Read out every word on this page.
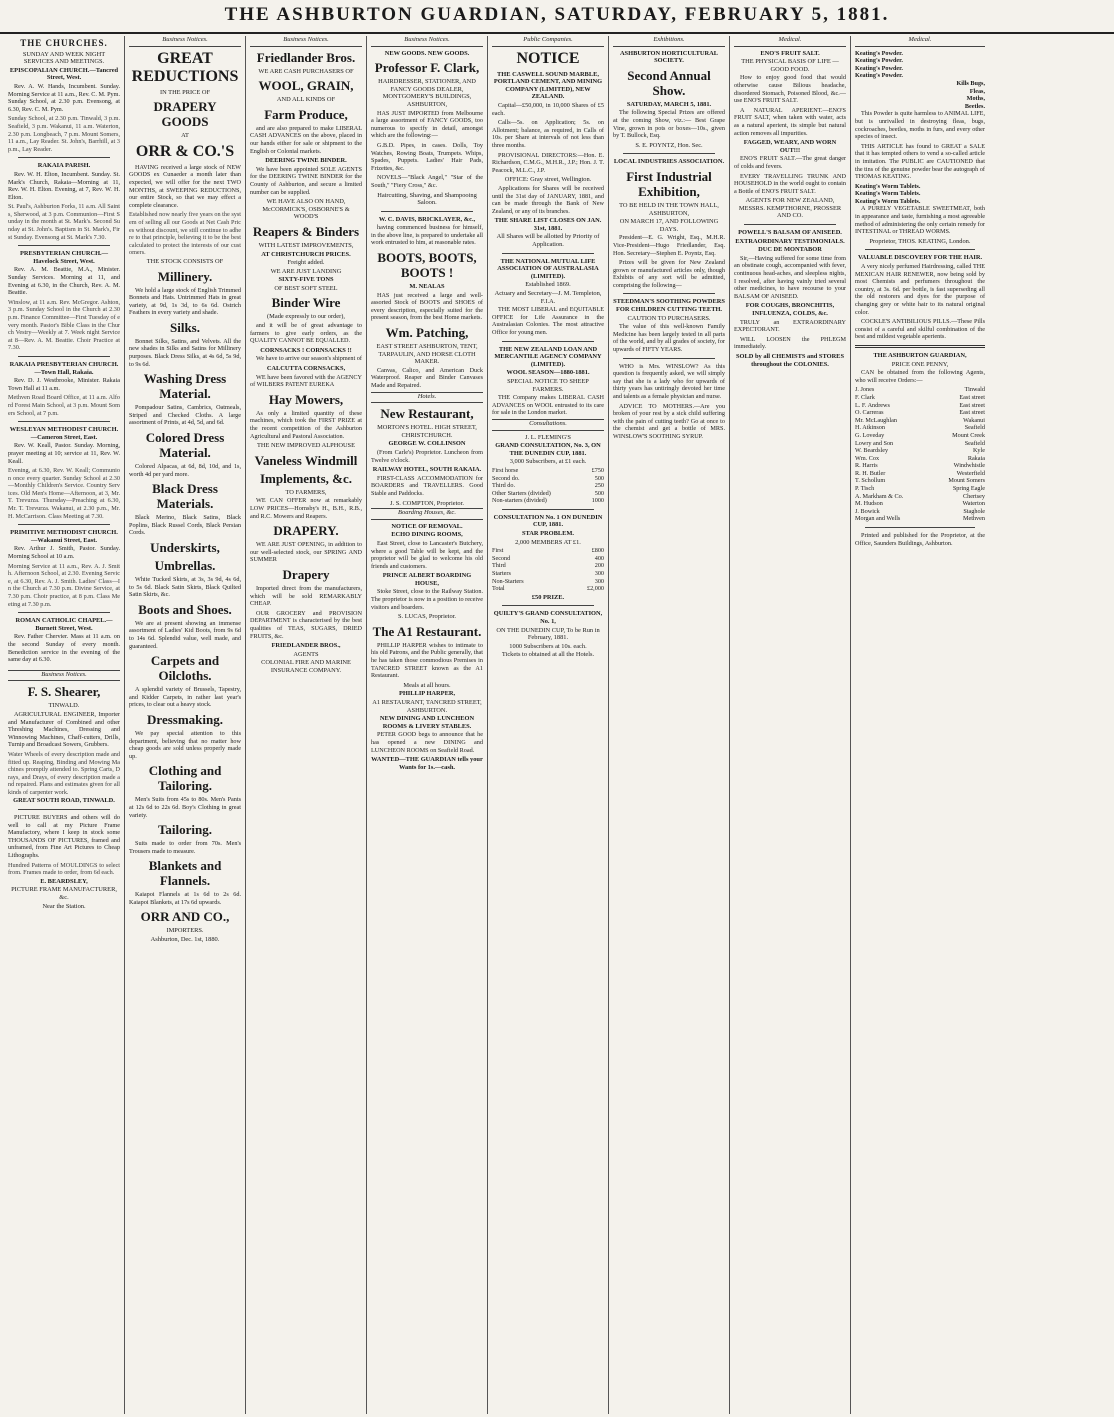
THE ASHBURTON GUARDIAN, SATURDAY, FEBRUARY 5, 1881.
THE CHURCHES.
SUNDAY AND WEEK NIGHT SERVICES AND MEETINGS.
EPISCOPALIAN CHURCH.—Tancred Street, West.

Rev. A. W. Hands, Incumbent. Sunday. Morning Service at 11 a.m., Rev. C. M. Pym. Sunday School, at 2.30 p.m. Evensong, at 6.30, Rev. C. M. Pym.

Sunday School, at 2.30 p.m. Tinwald, 3 p.m. Seafield, 3 p.m. Wakanui, 11 a.m. Waterton, 2.30 p.m. Longbeach, 7 p.m. Mount Somers, 11 a.m., Lay Reader. St. John's, Barrhill, at 3 p.m., Lay Reader.
RAKAIA PARISH.

Rev. W. H. Elton, Incumbent. Sunday. St. Mark's Church, Rakaia—Morning at 11, Rev. W. H. Elton. Evening, at 7, Rev. W. H. Elton.

St. Paul's, Ashburton Forks, 11 a.m. All Saints, Sherwood, at 3 p.m. Communion—First Sunday in the month at St. Mark's. Second Sunday at St. John's. Baptism in St. Mark's, First Sunday. Evensong at St. Mark's 7.30.
PRESBYTERIAN CHURCH.—Havelock Street, West.

Rev. A. M. Beattie, M.A., Minister. Sunday Services. Morning at 11, and Evening at 6.30, in the Church, Rev. A. M. Beattie.

Winslow, at 11 a.m. Rev. McGregor. Ashton, 3 p.m. Sunday School in the Church at 2.30 p.m. Finance Committee—First Tuesday of every month. Pastor's Bible Class in the Church Vestry—Weekly at 7. Week night Service at 8—Rev. A. M. Beattie. Choir Practice at 7.30.
RAKAIA PRESBYTERIAN CHURCH.—Town Hall, Rakaia.

Rev. D. J. Westbrooke, Minister. Rakaia Town Hall at 11 a.m.

Methven Road Board Office, at 11 a.m. Alford Forest Main School, at 3 p.m. Mount Somers School, at 7 p.m.
WESLEYAN METHODIST CHURCH.—Cameron Street, East.

Rev. W. Keall, Pastor. Sunday. Morning, prayer meeting at 10; service at 11, Rev. W. Keall.

Evening, at 6.30, Rev. W. Keall; Communion once every quarter. Sunday School at 2.30—Monthly Children's Service. Country Services. Old Men's Home—Afternoon, at 3, Mr. T. Trevurza. Thursday—Preaching at 6.30, Mr. T. Trevurza. Wakanui, at 2.30 p.m., Mr. H. McCarrison. Class Meeting at 7.30.
PRIMITIVE METHODIST CHURCH.—Wakanui Street, East.

Rev. Arthur J. Smith, Pastor. Sunday. Morning School at 10 a.m.

Morning Service at 11 a.m., Rev. A. J. Smith. Afternoon School, at 2.30. Evening Service, at 6.30, Rev. A. J. Smith. Ladies' Class—In the Church at 7.30 p.m. Divine Service, at 7.30 p.m. Choir practice, at 8 p.m. Class Meeting at 7.30 p.m.
ROMAN CATHOLIC CHAPEL.—Burnett Street, West.

Rev. Father Chervier. Mass at 11 a.m. on the second Sunday of every month. Benediction service in the evening of the same day at 6.30.

Business Notices.
F. S. Shearer,
TINWALD.

AGRICULTURAL ENGINEER, Importer and Manufacturer of Combined and other Threshing Machines, Dressing and Winnowing Machines, Chaff-cutters, Drills, Turnip and Broadcast Sowers, Grubbers.

Water Wheels of every description made and fitted up. Reaping, Binding and Mowing Machines promptly attended to. Spring Carts, Drays, and Drays, of every description made and repaired. Plans and estimates given for all kinds of carpenter work.
GREAT SOUTH ROAD, TINWALD.

PICTURE BUYERS and others will do well to call at my Picture Frame Manufactory, where I keep in stock some THOUSANDS OF PICTURES, framed and unframed, from Fine Art Pictures to Cheap Lithographs.

Hundred Patterns of MOULDINGS to select from. Frames made to order, from 6d each.
E. BEARDSLEY,
PICTURE FRAME MANUFACTURER, &c.
Near the Station.
Business Notices.
GREAT REDUCTIONS
IN THE PRICE OF
DRAPERY GOODS
AT
ORR & CO.'S

HAVING received a large stock of NEW GOODS ex Cunaeder a month later than expected, we will offer for the next TWO MONTHS, at SWEEPING REDUCTIONS, our entire Stock, so that we may effect a complete clearance.

Established now nearly five years on the system of selling all our Goods at Net Cash Prices without discount, we still continue to adhere to that principle, believing it to be the best calculated to protect the interests of our customers.
THE STOCK CONSISTS OF
Millinery.

We hold a large stock of English Trimmed Bonnets and Hats. Untrimmed Hats in great variety, at 9d, 1s 3d, to 6s 6d. Ostrich Feathers in every variety and shade.

Silks.

Bonnet Silks, Satins, and Velvets. All the new shades in Silks and Satins for Millinery purposes. Black Dress Silks, at 4s 6d, 5s 9d, to 9s 6d.

Washing Dress Material.

Pompadour Satins, Cambrics, Oatmeals, Striped and Checked Cloths. A large assortment of Prints, at 4d, 5d, and 6d.

Colored Dress Material.

Colored Alpacas, at 6d, 8d, 10d, and 1s, worth 4d per yard more.

Black Dress Materials.

Black Merino, Black Satins, Black Poplins, Black Russel Cords, Black Persian Cords.

Underskirts,
Umbrellas.

White Tucked Skirts, at 3s, 3s 9d, 4s 6d, to 5s 6d. Black Satin Skirts, Black Quilted Satin Skirts, &c.

Boots and Shoes.

We are at present showing an immense assortment of Ladies' Kid Boots, from 9s 6d to 14s 6d. Splendid value, well made, and guaranteed.

Carpets and Oilcloths.

A splendid variety of Brussels, Tapestry, and Kidder Carpets, in rather last year's prices, to clear out a heavy stock.

Dressmaking.

We pay special attention to this department, believing that no matter how cheap goods are sold unless properly made up.

Clothing and Tailoring.

Men's Suits from 45s to 80s. Men's Pants at 12s 6d to 22s 6d. Boy's Clothing in great variety.

Tailoring.

Suits made to order from 70s. Men's Trousers made to measure.

Blankets and Flannels.

Kaiapoi Flannels at 1s 6d to 2s 6d. Kaiapoi Blankets, at 17s 6d upwards.

ORR AND CO.,
IMPORTERS.
Ashburton, Dec. 1st, 1880.
Business Notices.
Friedlander Bros.
WE ARE CASH PURCHASERS OF
WOOL, GRAIN,
AND ALL KINDS OF
Farm Produce,

and are also prepared to make LIBERAL CASH ADVANCES on the above, placed in our hands either for sale or shipment to the English or Colonial markets.

DEERING TWINE BINDER.

We have been appointed SOLE AGENTS for the DEERING TWINE BINDER for the County of Ashburton, and secure a limited number can be supplied.

WE HAVE ALSO ON HAND, McCORMICK'S, OSBORNE'S & WOOD'S
Reapers & Binders
WITH LATEST IMPROVEMENTS,
AT CHRISTCHURCH PRICES.
Freight added.
WE ARE JUST LANDING
SIXTY-FIVE TONS
OF BEST SOFT STEEL
Binder Wire
(Made expressly to our order),

and it will be of great advantage to farmers to give early orders, as the QUALITY CANNOT BE EQUALLED.

CORNSACKS ! CORNSACKS !!

We have to arrive our season's shipment of

CALCUTTA CORNSACKS,

WE have been favored with the AGENCY of WILBERS PATENT EUREKA

Hay Mowers,

As only a limited quantity of these machines, which took the FIRST PRIZE at the recent competition of the Ashburton Agricultural and Pastoral Association.

THE NEW IMPROVED ALPHOUSE
Vaneless Windmill
Implements, &c.
TO FARMERS,

WE CAN OFFER now at remarkably LOW PRICES—Hornsby's H., B.H., R.B., and R.C. Mowers and Reapers.

DRAPERY.

WE ARE JUST OPENING, in addition to our well-selected stock, our SPRING AND SUMMER

Drapery

Imported direct from the manufacturers, which will be sold REMARKABLY CHEAP.

OUR GROCERY and PROVISION DEPARTMENT is characterised by the best qualities of TEAS, SUGARS, DRIED FRUITS, &c.

FRIEDLANDER BROS.,
AGENTS
COLONIAL FIRE AND MARINE INSURANCE COMPANY.
Business Notices.
NEW GOODS. NEW GOODS.
Professor F. Clark,
HAIRDRESSER, STATIONER, AND FANCY GOODS DEALER, MONTGOMERY'S BUILDINGS, ASHBURTON,

HAS JUST IMPORTED from Melbourne a large assortment of FANCY GOODS, too numerous to specify in detail, amongst which are the following:—

G.B.D. Pipes, in cases. Dolls, Toy Watches, Rowing Boats, Trumpets. Whips, Spades, Puppets. Ladies' Hair Pads, Frizettes, &c.

NOVELS—"Black Angel," "Star of the South," "Fiery Cross," &c.

Haircutting, Shaving, and Shampooing Saloon.
W. C. DAVIS, BRICKLAYER, &c.,

having commenced business for himself, in the above line, is prepared to undertake all work entrusted to him, at reasonable rates.

BOOTS, BOOTS, BOOTS !
M. NEALAS

HAS just received a large and well-assorted Stock of BOOTS and SHOES of every description, especially suited for the present season, from the best Home markets.

Wm. Patching,
EAST STREET ASHBURTON, TENT, TARPAULIN, AND HORSE CLOTH MAKER.

Canvas, Calico, and American Duck Waterproof. Reaper and Binder Canvases Made and Repaired.

Hotels.
New Restaurant,
MORTON'S HOTEL. HIGH STREET, CHRISTCHURCH.
GEORGE W. COLLINSON

(From Carle's) Proprietor. Luncheon from Twelve o'clock.

RAILWAY HOTEL, SOUTH RAKAIA.

FIRST-CLASS ACCOMMODATION for BOARDERS and TRAVELLERS. Good Stable and Paddocks.

J. S. COMPTON, Proprietor.
Boarding Houses, &c.
NOTICE OF REMOVAL.
ECHO DINING ROOMS,

East Street, close to Lancaster's Butchery, where a good Table will be kept, and the proprietor will be glad to welcome his old friends and customers.

PRINCE ALBERT BOARDING HOUSE,

Stoke Street, close to the Railway Station. The proprietor is now in a position to receive visitors and boarders.

S. LUCAS, Proprietor.
The A1 Restaurant.

PHILLIP HARPER wishes to intimate to his old Patrons, and the Public generally, that he has taken those commodious Premises in TANCRED STREET known as the A1 Restaurant.

Meals at all hours.
PHILLIP HARPER,
A1 RESTAURANT, TANCRED STREET, ASHBURTON.
NEW DINING AND LUNCHEON ROOMS & LIVERY STABLES.

PETER GOOD begs to announce that he has opened a new DINING and LUNCHEON ROOMS on Seafield Road.

WANTED—THE GUARDIAN tells your Wants for 1s.—cash.
Public Companies.
NOTICE
THE CASWELL SOUND MARBLE, PORTLAND CEMENT, AND MINING COMPANY (LIMITED), NEW ZEALAND.

Capital—£50,000, in 10,000 Shares of £5 each.

Calls—5s. on Application; 5s. on Allotment; balance, as required, in Calls of 10s. per Share at intervals of not less than three months.

PROVISIONAL DIRECTORS:—Hon. E. Richardson, C.M.G., M.H.R., J.P.; Hon. J. T. Peacock, M.L.C., J.P.

OFFICE: Gray street, Wellington.

Applications for Shares will be received until the 31st day of JANUARY, 1881, and can be made through the Bank of New Zealand, or any of its branches.

THE SHARE LIST CLOSES ON JAN. 31st, 1881.
All Shares will be allotted by Priority of Application.
THE NATIONAL MUTUAL LIFE ASSOCIATION OF AUSTRALASIA (LIMITED).
Established 1869.
Actuary and Secretary—J. M. Templeton, F.I.A.

THE MOST LIBERAL and EQUITABLE OFFICE for Life Assurance in the Australasian Colonies. The most attractive Office for young men.

THE NEW ZEALAND LOAN AND MERCANTILE AGENCY COMPANY (LIMITED).
WOOL SEASON—1880-1881.
SPECIAL NOTICE TO SHEEP FARMERS.

THE Company makes LIBERAL CASH ADVANCES on WOOL entrusted to its care for sale in the London market.

Consultations.
J. L. FLEMING'S
GRAND CONSULTATION, No. 3, ON THE DUNEDIN CUP, 1881.
3,000 Subscribers, at £1 each.
First horse	£750
Second do.	500
Third do.	250
Other Starters (divided)	500
Non-starters (divided)	1000
CONSULTATION No. 1 ON DUNEDIN CUP, 1881.
STAR PROBLEM.
2,000 MEMBERS AT £1.
First	£800
Second	400
Third	200
Starters	300
Non-Starters	300
Total	£2,000
£50 PRIZE.
QUILTY'S GRAND CONSULTATION, No. 1,
ON THE DUNEDIN CUP, To be Run in February, 1881.
1000 Subscribers at 10s. each.
Tickets to obtained at all the Hotels.
Exhibitions.
ASHBURTON HORTICULTURAL SOCIETY.
Second Annual Show.
SATURDAY, MARCH 5, 1881.

The following Special Prizes are offered at the coming Show, viz.:— Best Grape Vine, grown in pots or boxes—10s., given by T. Bullock, Esq.

S. E. POYNTZ, Hon. Sec.
LOCAL INDUSTRIES ASSOCIATION.
First Industrial Exhibition,
TO BE HELD IN THE TOWN HALL, ASHBURTON,
ON MARCH 17, AND FOLLOWING DAYS.

President—E. G. Wright, Esq., M.H.R. Vice-President—Hugo Friedlander, Esq. Hon. Secretary—Stephen E. Poyntz, Esq.

Prizes will be given for New Zealand grown or manufactured articles only, though Exhibits of any sort will be admitted, comprising the following—

STEEDMAN'S SOOTHING POWDERS FOR CHILDREN CUTTING TEETH.
CAUTION TO PURCHASERS.

The value of this well-known Family Medicine has been largely tested in all parts of the world, and by all grades of society, for upwards of FIFTY YEARS.

WHO is Mrs. WINSLOW? As this question is frequently asked, we will simply say that she is a lady who for upwards of thirty years has untiringly devoted her time and talents as a female physician and nurse.

ADVICE TO MOTHERS.—Are you broken of your rest by a sick child suffering with the pain of cutting teeth? Go at once to the chemist and get a bottle of MRS. WINSLOW'S SOOTHING SYRUP.

Medical.
ENO'S FRUIT SALT.
THE PHYSICAL BASIS OF LIFE — GOOD FOOD.

How to enjoy good food that would otherwise cause Bilious headache, disordered Stomach, Poisoned Blood, &c.—use ENO'S FRUIT SALT.

A NATURAL APERIENT.—ENO'S FRUIT SALT, when taken with water, acts as a natural aperient, its simple but natural action removes all impurities.

FAGGED, WEARY, AND WORN OUT!!!

ENO'S FRUIT SALT.—The great danger of colds and fevers.

EVERY TRAVELLING TRUNK AND HOUSEHOLD in the world ought to contain a Bottle of ENO'S FRUIT SALT.

AGENTS FOR NEW ZEALAND, MESSRS. KEMPTHORNE, PROSSER AND CO.
POWELL'S BALSAM OF ANISEED.
EXTRAORDINARY TESTIMONIALS.
DUC DE MONTABOR

Sir,—Having suffered for some time from an obstinate cough, accompanied with fever, continuous head-aches, and sleepless nights, I resolved, after having vainly tried several other medicines, to have recourse to your BALSAM OF ANISEED.

FOR COUGHS, BRONCHITIS, INFLUENZA, COLDS, &c.

TRULY an EXTRAORDINARY EXPECTORANT.

WILL LOOSEN the PHLEGM immediately.

SOLD by all CHEMISTS and STORES throughout the COLONIES.
Medical.
Keating's Powder.
Keating's Powder.
Keating's Powder.
Keating's Powder.
Kills Bugs,
Fleas,
Moths,
Beetles.

This Powder is quite harmless to ANIMAL LIFE, but is unrivalled in destroying fleas, bugs, cockroaches, beetles, moths in furs, and every other species of insect.

THIS ARTICLE has found to GREAT a SALE that it has tempted others to vend a so-called article in imitation. The PUBLIC are CAUTIONED that the tins of the genuine powder bear the autograph of THOMAS KEATING.

Keating's Worm Tablets.
Keating's Worm Tablets.
Keating's Worm Tablets.

A PURELY VEGETABLE SWEETMEAT, both in appearance and taste, furnishing a most agreeable method of administering the only certain remedy for INTESTINAL or THREAD WORMS.

Proprietor, THOS. KEATING, London.
VALUABLE DISCOVERY FOR THE HAIR.

A very nicely perfumed Hairdressing, called THE MEXICAN HAIR RENEWER, now being sold by most Chemists and perfumers throughout the country, at 3s. 6d. per bottle, is fast superseding all the old restorers and dyes for the purpose of changing grey or white hair to its natural original color.

COCKLE'S ANTIBILIOUS PILLS.—These Pills consist of a careful and skilful combination of the best and mildest vegetable aperients.

THE ASHBURTON GUARDIAN,
PRICE ONE PENNY,

CAN be obtained from the following Agents, who will receive Orders:—

J. Jones	Tinwald
F. Clark	East street
L. F. Andrews	East street
O. Carreras	East street
Mr. McLaughlan	Wakanui
H. Atkinson	Seafield
G. Loveday	Mount Creek
Lowry and Son	Seafield
W. Beardsley	Kyle
Wm. Cox	Rakaia
R. Harris	Windwhistle
R. H. Butler	Westerfield
T. Schollum	Mount Somers
P. Tisch	Spring Eagle
A. Markham & Co.	Chertsey
M. Hudson	Waterton
J. Bowick	Staghole
Morgan and Wells	Methven

Printed and published for the Proprietor, at the Office, Saunders Buildings, Ashburton.
